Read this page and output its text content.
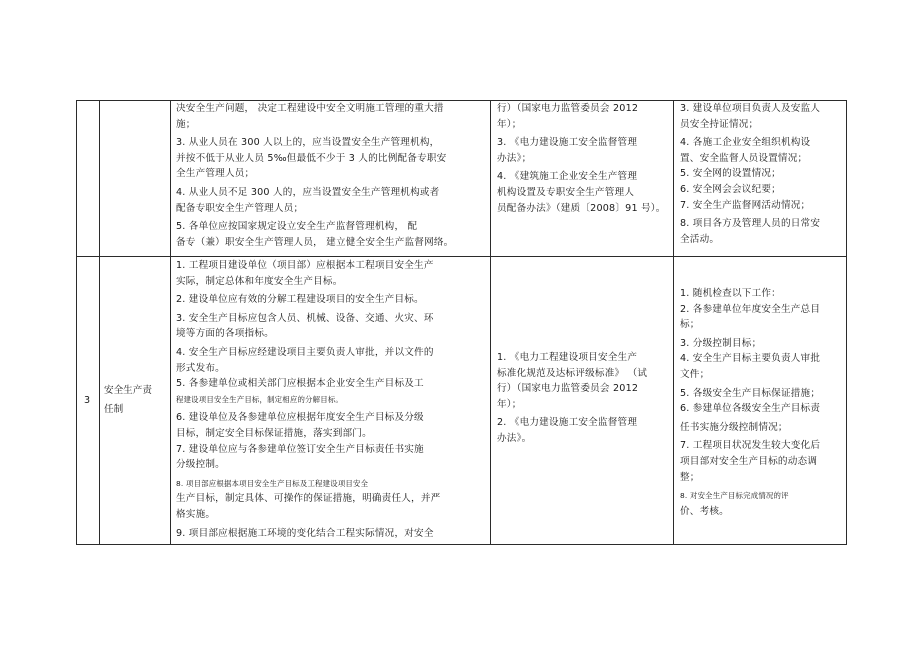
决安全生产问题， 决定工程建设中安全文明施工管理的重大措

施；

3. 从业人员在 300 人以上的，应当设置安全生产管理机构，

并按不低于从业人员 5‰但最低不少于 3 人的比例配备专职安

全生产管理人员；

4. 从业人员不足 300 人的，应当设置安全生产管理机构或者

配备专职安全生产管理人员；

5. 各单位应按国家规定设立安全生产监督管理机构， 配

备专（兼）职安全生产管理人员， 建立健全安全生产监督网络。

行）（国家电力监管委员会 2012

年）；

3. 《电力建设施工安全监督管理

办法》；

4. 《建筑施工企业安全生产管理

机构设置及专职安全生产管理人

员配备办法》（建质〔2008〕91 号）。

3. 建设单位项目负责人及安监人

员安全持证情况；

4. 各施工企业安全组织机构设

置、安全监督人员设置情况；

5. 安全网的设置情况；

6. 安全网会会议纪要；

7. 安全生产监督网活动情况；

8. 项目各方及管理人员的日常安

全活动。

3
安全生产责
任制

1. 工程项目建设单位（项目部）应根据本工程项目安全生产

实际，制定总体和年度安全生产目标。

2. 建设单位应有效的分解工程建设项目的安全生产目标。

3. 安全生产目标应包含人员、机械、设备、交通、火灾、环

境等方面的各项指标。

4. 安全生产目标应经建设项目主要负责人审批，并以文件的

形式发布。

5. 各参建单位或相关部门应根据本企业安全生产目标及工

程建设项目安全生产目标，制定相应的分解目标。

6. 建设单位及各参建单位应根据年度安全生产目标及分级

目标，制定安全目标保证措施，落实到部门。

7. 建设单位应与各参建单位签订安全生产目标责任书实施

分级控制。

8. 项目部应根据本项目安全生产目标及工程建设项目安全

生产目标，制定具体、可操作的保证措施，明确责任人，并严

格实施。

9. 项目部应根据施工环境的变化结合工程实际情况，对安全

1. 《电力工程建设项目安全生产

标准化规范及达标评级标准》 （试

行）（国家电力监管委员会 2012

年）；

2. 《电力建设施工安全监督管理

办法》。

1. 随机检查以下工作：

2. 各参建单位年度安全生产总目

标；

3. 分级控制目标；

4. 安全生产目标主要负责人审批

文件；

5. 各级安全生产目标保证措施；

6. 参建单位各级安全生产目标责

任书实施分级控制情况；

7. 工程项目状况发生较大变化后

项目部对安全生产目标的动态调

整；

8. 对安全生产目标完成情况的评

价、考核。
